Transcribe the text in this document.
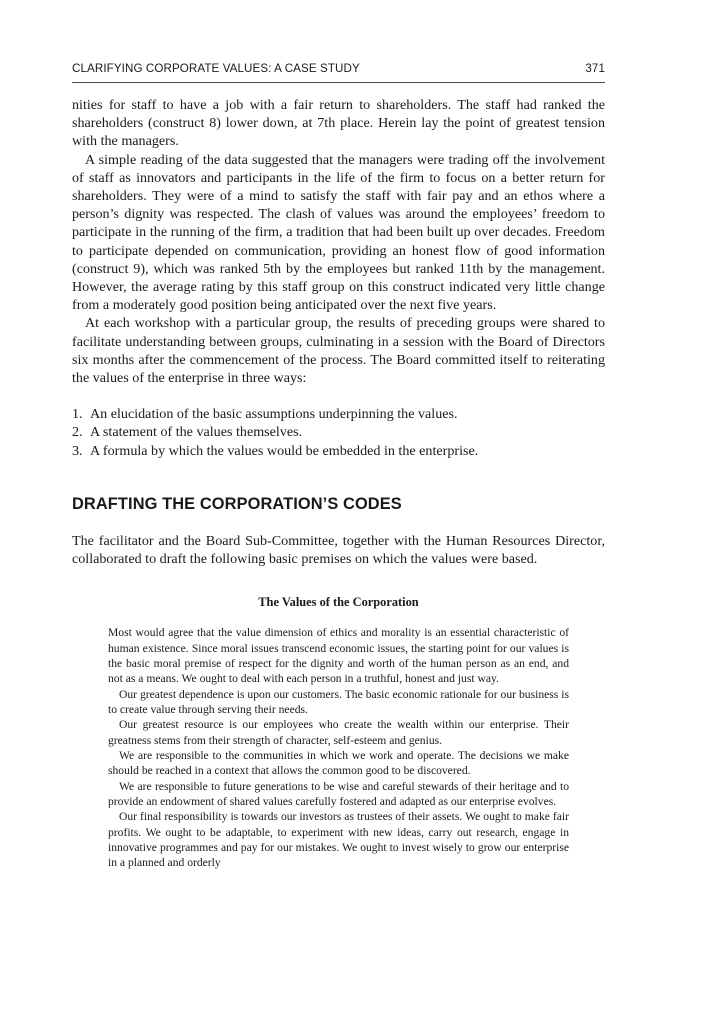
CLARIFYING CORPORATE VALUES: A CASE STUDY	371

nities for staff to have a job with a fair return to shareholders. The staff had ranked the shareholders (construct 8) lower down, at 7th place. Herein lay the point of greatest tension with the managers.

A simple reading of the data suggested that the managers were trading off the involvement of staff as innovators and participants in the life of the firm to focus on a better return for shareholders. They were of a mind to satisfy the staff with fair pay and an ethos where a person’s dignity was respected. The clash of values was around the employees’ freedom to participate in the running of the firm, a tradition that had been built up over decades. Freedom to participate depended on communication, providing an honest flow of good information (construct 9), which was ranked 5th by the employees but ranked 11th by the management. However, the average rating by this staff group on this construct indicated very little change from a moderately good position being anticipated over the next five years.

At each workshop with a particular group, the results of preceding groups were shared to facilitate understanding between groups, culminating in a session with the Board of Directors six months after the commencement of the process. The Board committed itself to reiterating the values of the enterprise in three ways:

1. An elucidation of the basic assumptions underpinning the values.
2. A statement of the values themselves.
3. A formula by which the values would be embedded in the enterprise.
DRAFTING THE CORPORATION’S CODES

The facilitator and the Board Sub-Committee, together with the Human Resources Director, collaborated to draft the following basic premises on which the values were based.

The Values of the Corporation

Most would agree that the value dimension of ethics and morality is an essential characteristic of human existence. Since moral issues transcend economic issues, the starting point for our values is the basic moral premise of respect for the dignity and worth of the human person as an end, and not as a means. We ought to deal with each person in a truthful, honest and just way.

Our greatest dependence is upon our customers. The basic economic rationale for our business is to create value through serving their needs.

Our greatest resource is our employees who create the wealth within our enterprise. Their greatness stems from their strength of character, self-esteem and genius.

We are responsible to the communities in which we work and operate. The decisions we make should be reached in a context that allows the common good to be discovered.

We are responsible to future generations to be wise and careful stewards of their heritage and to provide an endowment of shared values carefully fostered and adapted as our enterprise evolves.

Our final responsibility is towards our investors as trustees of their assets. We ought to make fair profits. We ought to be adaptable, to experiment with new ideas, carry out research, engage in innovative programmes and pay for our mistakes. We ought to invest wisely to grow our enterprise in a planned and orderly
